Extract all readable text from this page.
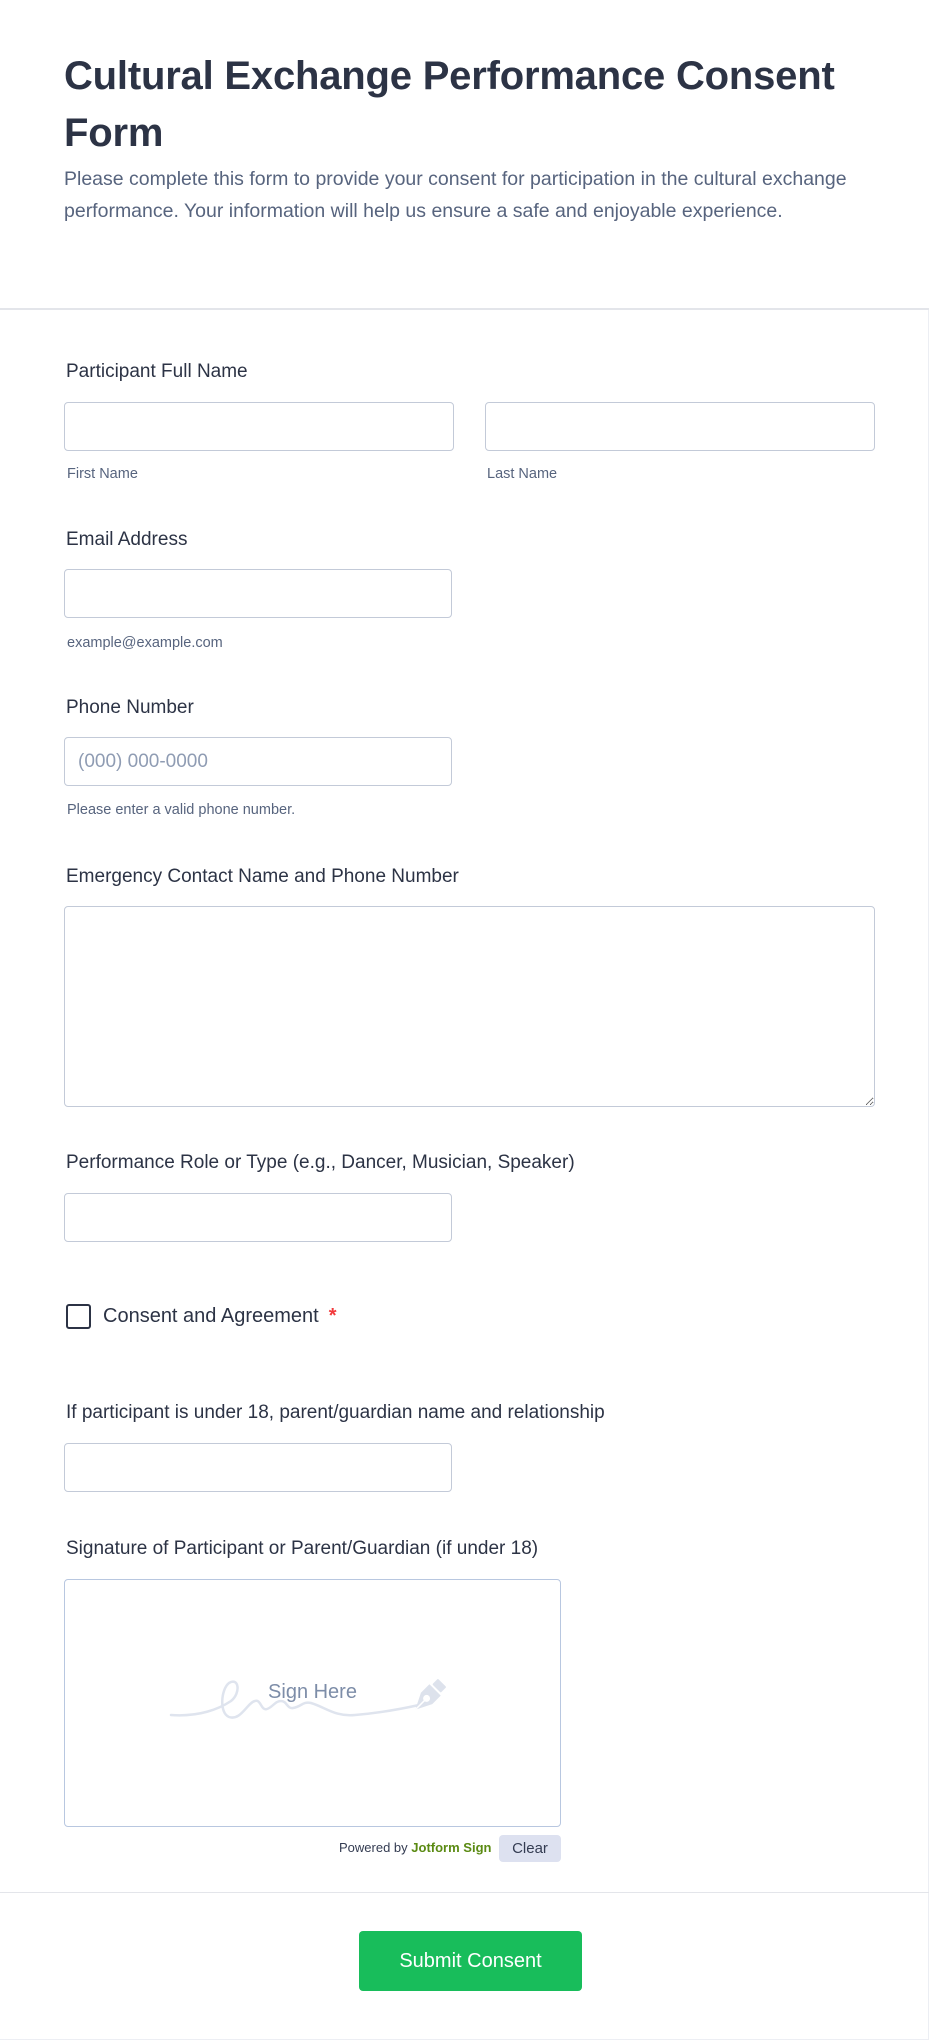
Cultural Exchange Performance Consent Form

Please complete this form to provide your consent for participation in the cultural exchange performance. Your information will help us ensure a safe and enjoyable experience.

Participant Full Name
First Name	Last Name
Email Address
example@example.com
Phone Number
(000) 000-0000
Please enter a valid phone number.
Emergency Contact Name and Phone Number
Performance Role or Type (e.g., Dancer, Musician, Speaker)
Consent and Agreement *
If participant is under 18, parent/guardian name and relationship
Signature of Participant or Parent/Guardian (if under 18)
Sign Here
Powered by Jotform Sign	Clear
Submit Consent
